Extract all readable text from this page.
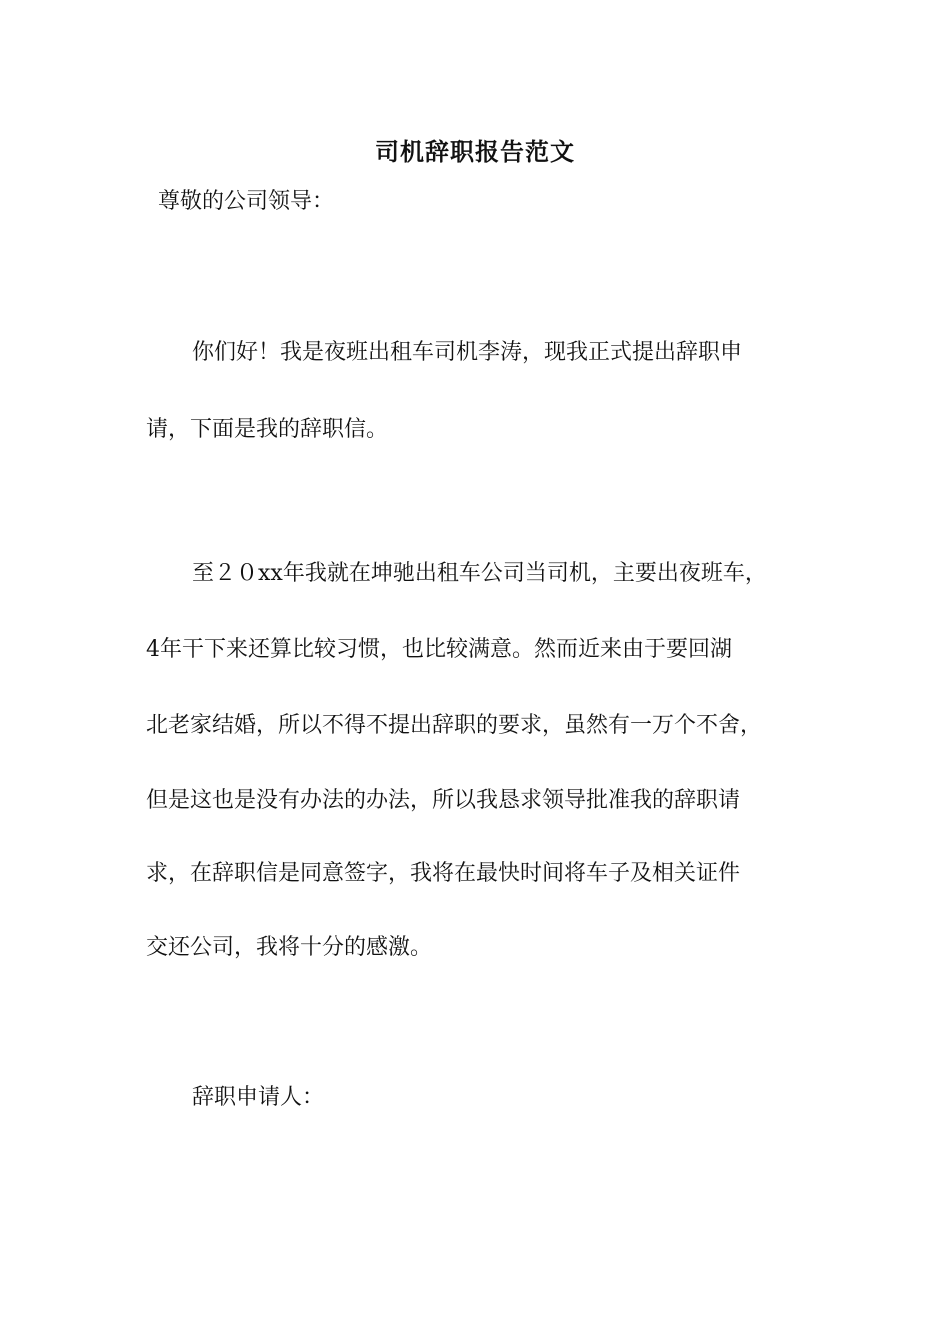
司机辞职报告范文
尊敬的公司领导：
你们好！我是夜班出租车司机李涛，现我正式提出辞职申
请，下面是我的辞职信。
至２０xx年我就在坤驰出租车公司当司机，主要出夜班车，
4年干下来还算比较习惯，也比较满意。然而近来由于要回湖
北老家结婚，所以不得不提出辞职的要求，虽然有一万个不舍，
但是这也是没有办法的办法，所以我恳求领导批准我的辞职请
求，在辞职信是同意签字，我将在最快时间将车子及相关证件
交还公司，我将十分的感激。
辞职申请人：
